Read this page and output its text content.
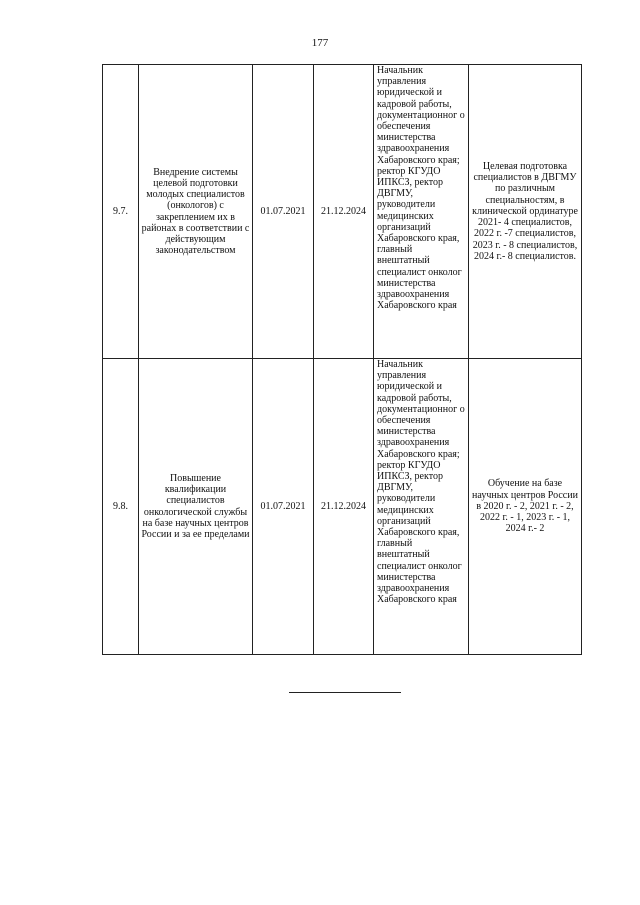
177
9.7.	Внедрение системы целевой подготовки молодых специалистов (онкологов) с закреплением их в районах в соответствии с действующим законодательством	01.07.2021	21.12.2024	Начальник управления юридической и кадровой работы, документационног о обеспечения министерства здравоохранения Хабаровского края; ректор КГУДО ИПКСЗ, ректор ДВГМУ, руководители медицинских организаций Хабаровского края, главный внештатный специалист онколог министерства здравоохранения Хабаровского края	Целевая подготовка специалистов в ДВГМУ по различным специальностям, в клинической ординатуре 2021- 4 специалистов, 2022 г. -7 специалистов, 2023 г. - 8 специалистов, 2024 г.- 8 специалистов.
9.8.	Повышение квалификации специалистов онкологической службы на базе научных центров России и за ее пределами	01.07.2021	21.12.2024	Начальник управления юридической и кадровой работы, документационног о обеспечения министерства здравоохранения Хабаровского края; ректор КГУДО ИПКСЗ, ректор ДВГМУ, руководители медицинских организаций Хабаровского края, главный внештатный специалист онколог министерства здравоохранения Хабаровского края	Обучение на базе научных центров России в 2020 г. - 2, 2021 г. - 2, 2022 г. - 1, 2023 г. - 1, 2024 г.- 2
